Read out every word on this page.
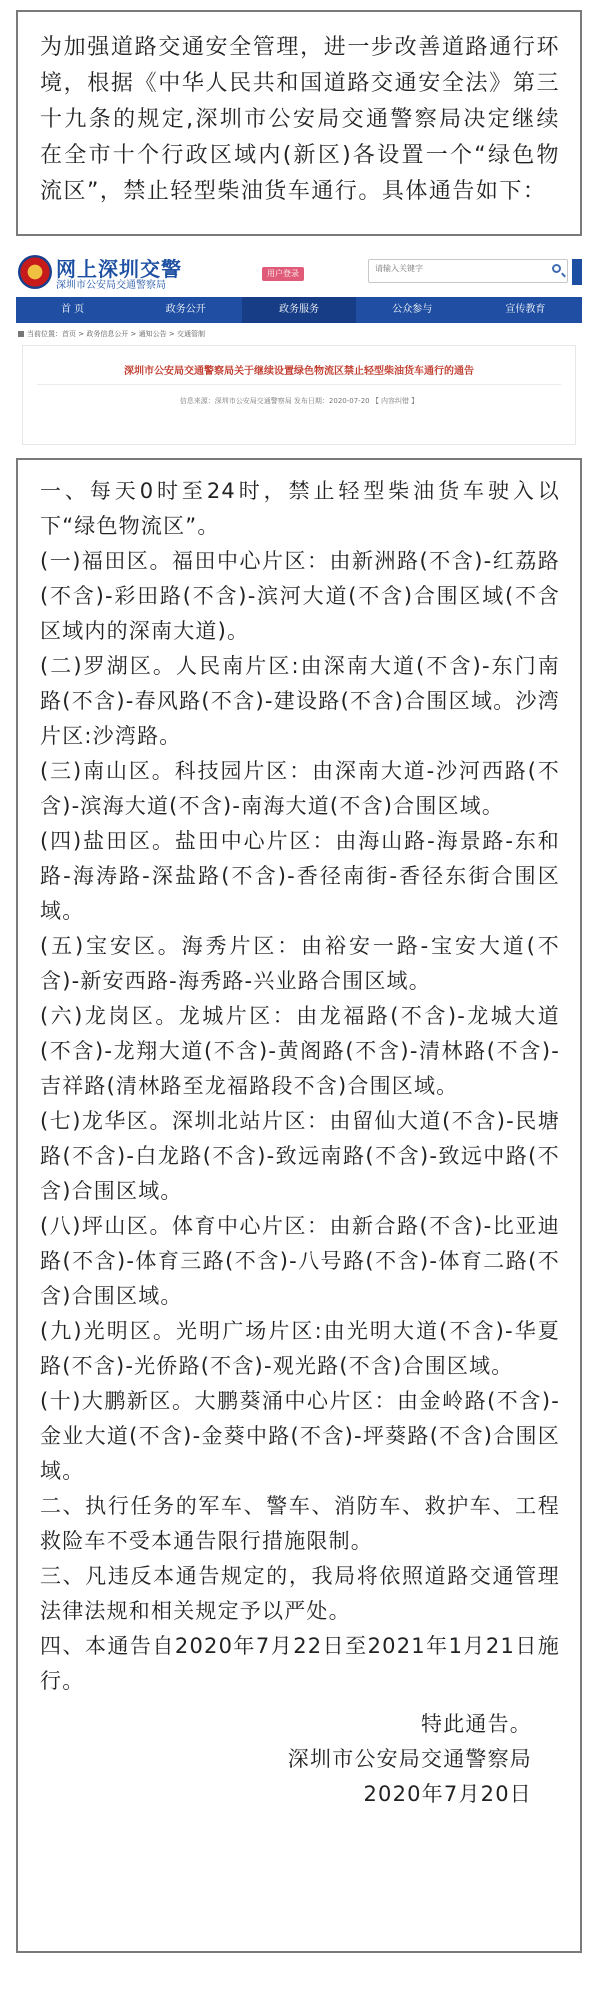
为加强道路交通安全管理，进一步改善道路通行环境，根据《中华人民共和国道路交通安全法》第三十九条的规定,深圳市公安局交通警察局决定继续在全市十个行政区域内(新区)各设置一个“绿色物流区”，禁止轻型柴油货车通行。具体通告如下：

网上深圳交警
深圳市公安局交通警察局
用户登录
请输入关键字
首 页	政务公开	政务服务	公众参与	宣传教育
当前位置：首页 > 政务信息公开 > 通知公告 > 交通管制
深圳市公安局交通警察局关于继续设置绿色物流区禁止轻型柴油货车通行的通告
信息来源：深圳市公安局交通警察局 发布日期：2020-07-20 【 内容纠错 】

一、每天0时至24时，禁止轻型柴油货车驶入以下“绿色物流区”。

(一)福田区。福田中心片区：由新洲路(不含)-红荔路(不含)-彩田路(不含)-滨河大道(不含)合围区域(不含区域内的深南大道)。

(二)罗湖区。人民南片区:由深南大道(不含)-东门南路(不含)-春风路(不含)-建设路(不含)合围区域。沙湾片区:沙湾路。

(三)南山区。科技园片区：由深南大道-沙河西路(不含)-滨海大道(不含)-南海大道(不含)合围区域。

(四)盐田区。盐田中心片区：由海山路-海景路-东和路-海涛路-深盐路(不含)-香径南街-香径东街合围区域。

(五)宝安区。海秀片区：由裕安一路-宝安大道(不含)-新安西路-海秀路-兴业路合围区域。

(六)龙岗区。龙城片区：由龙福路(不含)-龙城大道(不含)-龙翔大道(不含)-黄阁路(不含)-清林路(不含)-吉祥路(清林路至龙福路段不含)合围区域。

(七)龙华区。深圳北站片区：由留仙大道(不含)-民塘路(不含)-白龙路(不含)-致远南路(不含)-致远中路(不含)合围区域。

(八)坪山区。体育中心片区：由新合路(不含)-比亚迪路(不含)-体育三路(不含)-八号路(不含)-体育二路(不含)合围区域。

(九)光明区。光明广场片区:由光明大道(不含)-华夏路(不含)-光侨路(不含)-观光路(不含)合围区域。

(十)大鹏新区。大鹏葵涌中心片区：由金岭路(不含)-金业大道(不含)-金葵中路(不含)-坪葵路(不含)合围区域。

二、执行任务的军车、警车、消防车、救护车、工程救险车不受本通告限行措施限制。

三、凡违反本通告规定的，我局将依照道路交通管理法律法规和相关规定予以严处。

四、本通告自2020年7月22日至2021年1月21日施行。

特此通告。

深圳市公安局交通警察局

2020年7月20日
